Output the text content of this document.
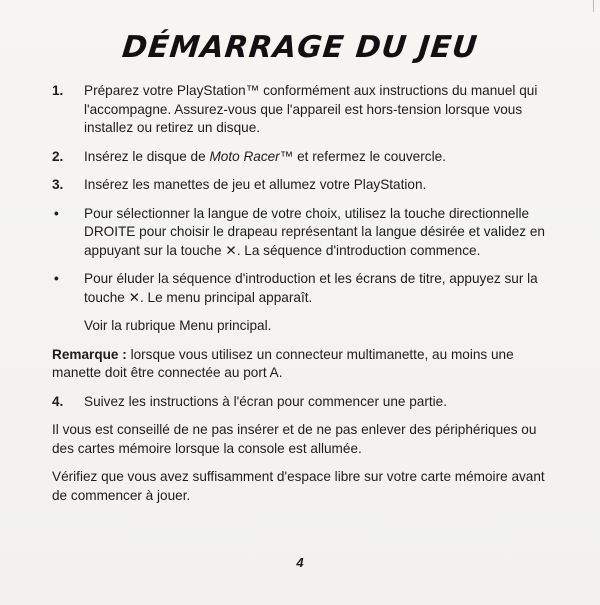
DÉMARRAGE DU JEU
1. Préparez votre PlayStation™ conformément aux instructions du manuel qui l'accompagne. Assurez-vous que l'appareil est hors-tension lorsque vous installez ou retirez un disque.
2. Insérez le disque de Moto Racer™ et refermez le couvercle.
3. Insérez les manettes de jeu et allumez votre PlayStation.
• Pour sélectionner la langue de votre choix, utilisez la touche directionnelle DROITE pour choisir le drapeau représentant la langue désirée et validez en appuyant sur la touche ✕. La séquence d'introduction commence.
• Pour éluder la séquence d'introduction et les écrans de titre, appuyez sur la touche ✕. Le menu principal apparaît.
Voir la rubrique Menu principal.
Remarque : lorsque vous utilisez un connecteur multimanette, au moins une manette doit être connectée au port A.
4. Suivez les instructions à l'écran pour commencer une partie.
Il vous est conseillé de ne pas insérer et de ne pas enlever des périphériques ou des cartes mémoire lorsque la console est allumée.
Vérifiez que vous avez suffisamment d'espace libre sur votre carte mémoire avant de commencer à jouer.
4
